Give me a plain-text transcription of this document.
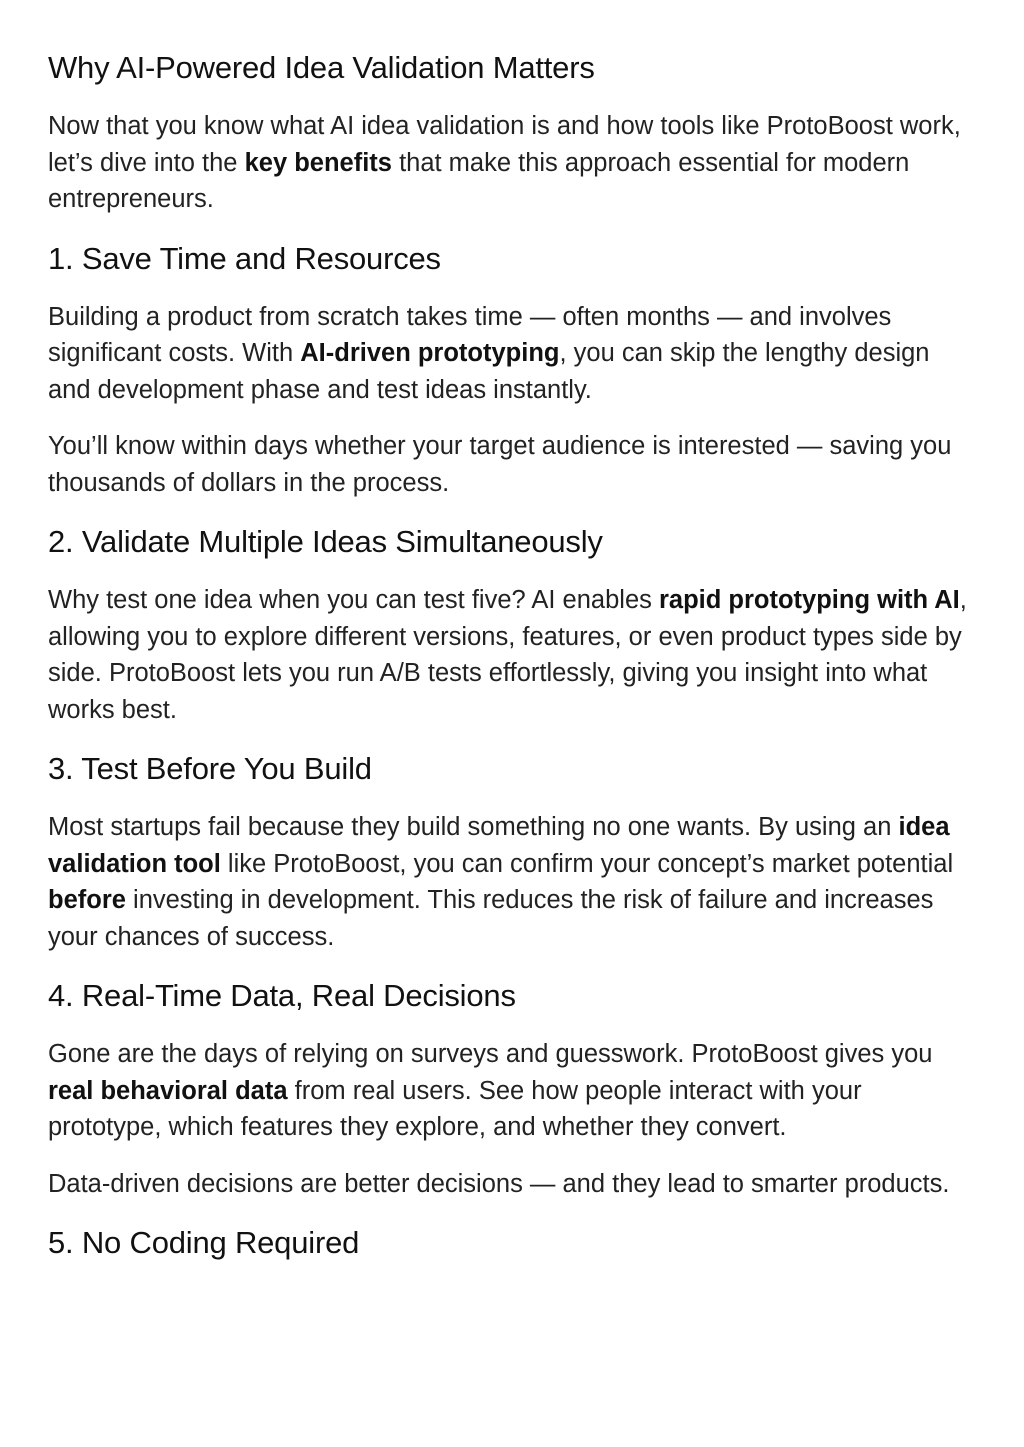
Why AI-Powered Idea Validation Matters

Now that you know what AI idea validation is and how tools like ProtoBoost work, let’s dive into the key benefits that make this approach essential for modern entrepreneurs.

1. Save Time and Resources

Building a product from scratch takes time — often months — and involves significant costs. With AI-driven prototyping, you can skip the lengthy design and development phase and test ideas instantly.

You’ll know within days whether your target audience is interested — saving you thousands of dollars in the process.

2. Validate Multiple Ideas Simultaneously

Why test one idea when you can test five? AI enables rapid prototyping with AI, allowing you to explore different versions, features, or even product types side by side. ProtoBoost lets you run A/B tests effortlessly, giving you insight into what works best.

3. Test Before You Build

Most startups fail because they build something no one wants. By using an idea validation tool like ProtoBoost, you can confirm your concept’s market potential before investing in development. This reduces the risk of failure and increases your chances of success.

4. Real-Time Data, Real Decisions

Gone are the days of relying on surveys and guesswork. ProtoBoost gives you real behavioral data from real users. See how people interact with your prototype, which features they explore, and whether they convert.

Data-driven decisions are better decisions — and they lead to smarter products.

5. No Coding Required
